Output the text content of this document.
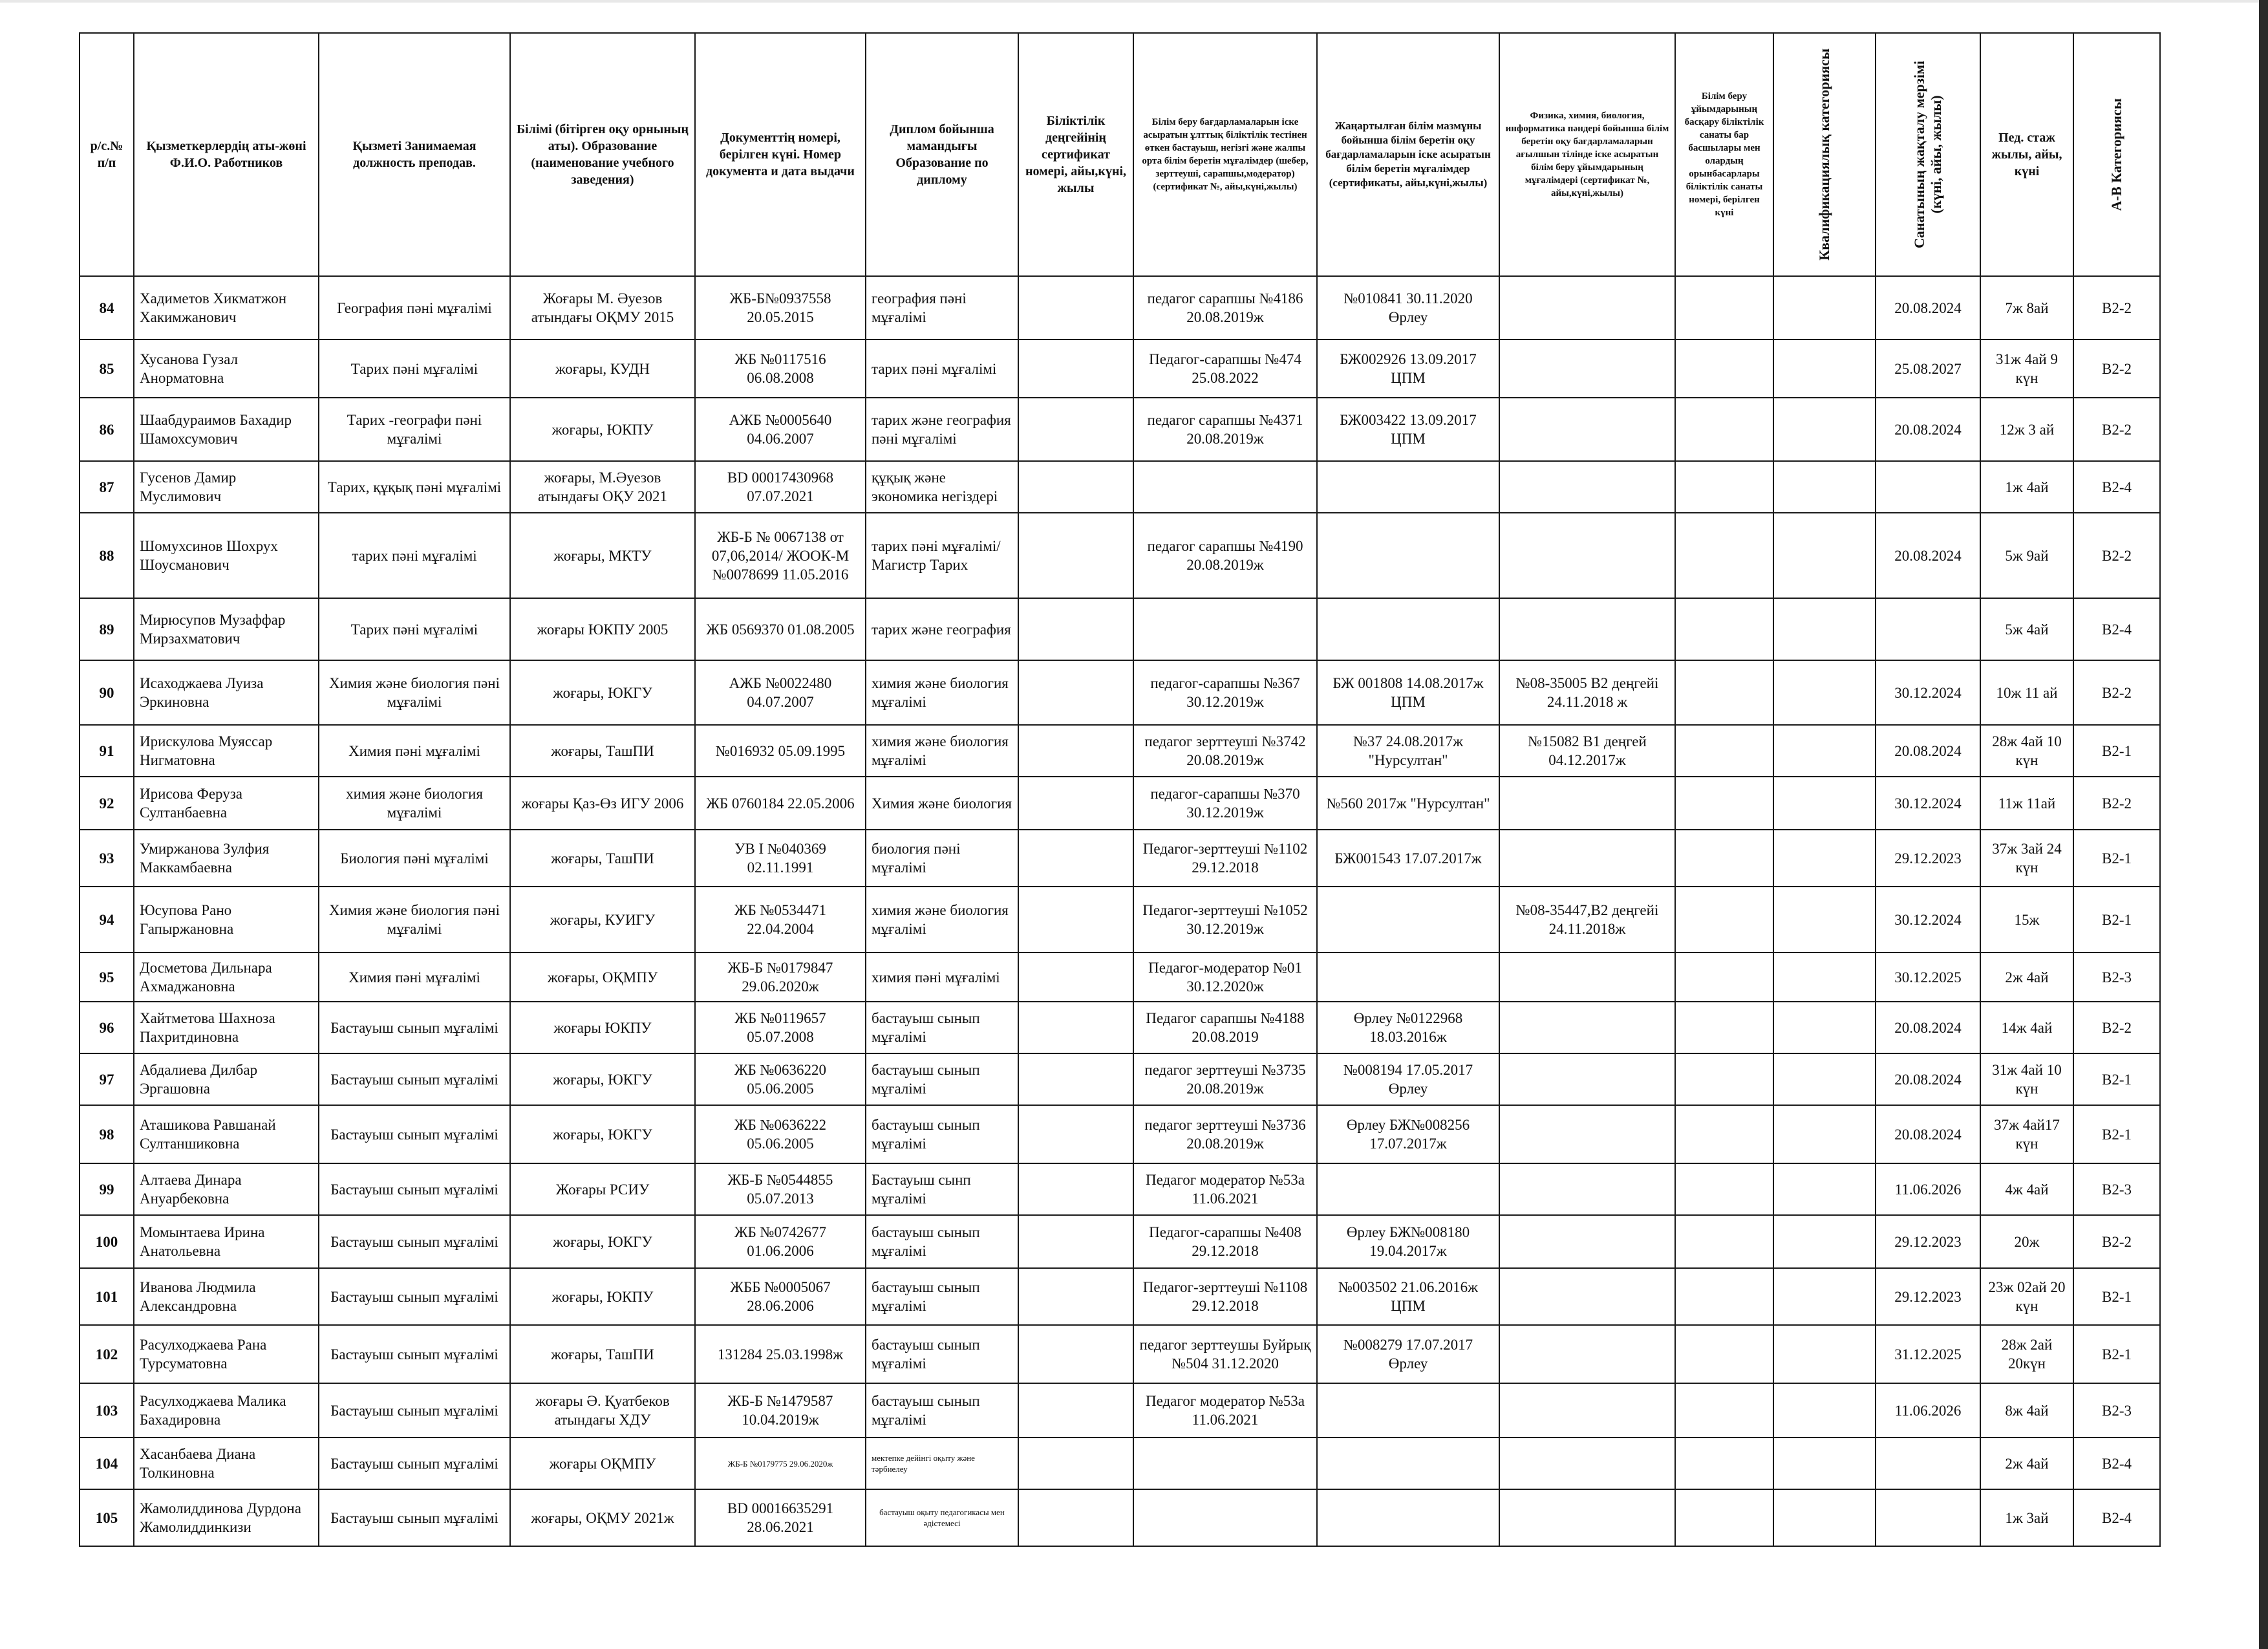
р/с.№ п/п	Қызметкерлердің аты-жөні Ф.И.О. Работников	Қызметі Занимаемая должность преподав.	Білімі (бітірген оқу орнының аты). Образование (наименование учебного заведения)	Документтің номері, берілген күні. Номер документа и дата выдачи	Диплом бойынша мамандығы Образование по диплому	Біліктілік деңгейінің сертификат номері, айы,күні, жылы	Білім беру бағдарламаларын іске асыратын ұлттық біліктілік тестінен өткен бастауыш, негізгі және жалпы орта білім беретін мұғалімдер (шебер, зерттеуші, сарапшы,модератор)(сертификат №, айы,күні,жылы)	Жаңартылған білім мазмұны бойынша білім беретін оқу бағдарламаларын іске асыратын білім беретін мұғалімдер (сертификаты, айы,күні,жылы)	Физика, химия, биология, информатика пәндері бойынша білім беретін оқу бағдарламаларын ағылшын тілінде іске асыратын білім беру ұйымдарының мұғалімдері (сертификат №, айы,күні,жылы)	Білім беру ұйымдарының басқару біліктілік санаты бар басшылары мен олардың орынбасарлары біліктілік санаты номері, берілген күні	Квалификациялық категориясы	Санатының жақталу мерзімі (күні, айы, жылы)	Пед. стаж жылы, айы, күні	А-В Категориясы

84	Хадиметов Хикматжон Хакимжанович	География пәні мұғалімі	Жоғары М. Әуезов атындағы ОҚМУ 2015	ЖБ-Б№0937558 20.05.2015	география пәні мұғалімі		педагог сарапшы №4186 20.08.2019ж	№010841 30.11.2020 Өрлеу				20.08.2024	7ж 8ай	В2-2
85	Хусанова Гузал Анорматовна	Тарих пәні мұғалімі	жоғары, КУДН	ЖБ №0117516 06.08.2008	тарих пәні мұғалімі		Педагог-сарапшы №474 25.08.2022	БЖ002926 13.09.2017 ЦПМ				25.08.2027	31ж 4ай 9 күн	В2-2
86	Шаабдураимов Бахадир Шамохсумович	Тарих -географи пәні мұғалімі	жоғары, ЮКПУ	АЖБ №0005640 04.06.2007	тарих және география пәні мұғалімі		педагог сарапшы №4371 20.08.2019ж	БЖ003422 13.09.2017 ЦПМ				20.08.2024	12ж 3 ай	В2-2
87	Гусенов Дамир Муслимович	Тарих, құқық пәні мұғалімі	жоғары, М.Әуезов атындағы ОҚУ 2021	BD 00017430968 07.07.2021	құқық және экономика негіздері								1ж 4ай	В2-4
88	Шомухсинов Шохрух Шоусманович	тарих пәні мұғалімі	жоғары, МКТУ	ЖБ-Б № 0067138 от 07,06,2014/ ЖООК-М №0078699 11.05.2016	тарих пәні мұғалімі/ Магистр Тарих		педагог сарапшы №4190 20.08.2019ж					20.08.2024	5ж 9ай	В2-2
89	Мирюсупов Музаффар Мирзахматович	Тарих пәні мұғалімі	жоғары ЮКПУ 2005	ЖБ 0569370 01.08.2005	тарих және география								5ж 4ай	В2-4
90	Исаходжаева Луиза Эркиновна	Химия және биология пәні мұғалімі	жоғары, ЮКГУ	АЖБ №0022480 04.07.2007	химия және биология мұғалімі		педагог-сарапшы №367 30.12.2019ж	БЖ 001808 14.08.2017ж ЦПМ	№08-35005 В2 деңгейі 24.11.2018 ж			30.12.2024	10ж 11 ай	В2-2
91	Ирискулова Муяссар Нигматовна	Химия пәні мұғалімі	жоғары, ТашПИ	№016932 05.09.1995	химия және биология мұғалімі		педагог зерттеуші №3742 20.08.2019ж	№37 24.08.2017ж "Нурсултан"	№15082 В1 деңгей 04.12.2017ж			20.08.2024	28ж 4ай 10 күн	В2-1
92	Ирисова Феруза Султанбаевна	химия және биология мұғалімі	жоғары Қаз-Өз ИГУ 2006	ЖБ 0760184 22.05.2006	Химия және биология		педагог-сарапшы №370 30.12.2019ж	№560 2017ж "Нурсултан"				30.12.2024	11ж 11ай	В2-2
93	Умиржанова Зулфия Маккамбаевна	Биология пәні мұғалімі	жоғары, ТашПИ	УВ I №040369 02.11.1991	биология пәні мұғалімі		Педагог-зерттеуші №1102 29.12.2018	БЖ001543 17.07.2017ж				29.12.2023	37ж 3ай 24 күн	В2-1
94	Юсупова Рано Гапыржановна	Химия және биология пәні мұғалімі	жоғары, КУИГУ	ЖБ №0534471 22.04.2004	химия және биология мұғалімі		Педагог-зерттеуші №1052 30.12.2019ж		№08-35447,В2 деңгейі 24.11.2018ж			30.12.2024	15ж	В2-1
95	Досметова Дильнара Ахмаджановна	Химия пәні мұғалімі	жоғары, ОҚМПУ	ЖБ-Б №0179847 29.06.2020ж	химия пәні мұғалімі		Педагог-модератор №01 30.12.2020ж					30.12.2025	2ж 4ай	В2-3
96	Хайтметова Шахноза Пахритдиновна	Бастауыш сынып мұғалімі	жоғары ЮКПУ	ЖБ №0119657 05.07.2008	бастауыш сынып мұғалімі		Педагог сарапшы №4188 20.08.2019	Өрлеу №0122968 18.03.2016ж				20.08.2024	14ж 4ай	В2-2
97	Абдалиева Дилбар Эргашовна	Бастауыш сынып мұғалімі	жоғары, ЮКГУ	ЖБ №0636220 05.06.2005	бастауыш сынып мұғалімі		педагог зерттеуші №3735 20.08.2019ж	№008194 17.05.2017 Өрлеу				20.08.2024	31ж 4ай 10 күн	В2-1
98	Аташикова Равшанай Султаншиковна	Бастауыш сынып мұғалімі	жоғары, ЮКГУ	ЖБ №0636222 05.06.2005	бастауыш сынып мұғалімі		педагог зерттеуші №3736 20.08.2019ж	Өрлеу БЖ№008256 17.07.2017ж				20.08.2024	37ж 4ай17 күн	В2-1
99	Алтаева Динара Ануарбековна	Бастауыш сынып мұғалімі	Жоғары РСИУ	ЖБ-Б №0544855 05.07.2013	Бастауыш сынп мұғалімі		Педагог модератор №53а 11.06.2021					11.06.2026	4ж 4ай	В2-3
100	Момынтаева Ирина Анатольевна	Бастауыш сынып мұғалімі	жоғары, ЮКГУ	ЖБ №0742677 01.06.2006	бастауыш сынып мұғалімі		Педагог-сарапшы №408 29.12.2018	Өрлеу БЖ№008180 19.04.2017ж				29.12.2023	20ж	В2-2
101	Иванова Людмила Александровна	Бастауыш сынып мұғалімі	жоғары, ЮКПУ	ЖББ №0005067 28.06.2006	бастауыш сынып мұғалімі		Педагог-зерттеуші №1108 29.12.2018	№003502 21.06.2016ж ЦПМ				29.12.2023	23ж 02ай 20 күн	В2-1
102	Расулходжаева Рана Турсуматовна	Бастауыш сынып мұғалімі	жоғары, ТашПИ	131284 25.03.1998ж	бастауыш сынып мұғалімі		педагог зерттеушы Буйрық №504 31.12.2020	№008279 17.07.2017 Өрлеу				31.12.2025	28ж 2ай 20күн	В2-1
103	Расулходжаева Малика Бахадировна	Бастауыш сынып мұғалімі	жоғары Ә. Қуатбеков атындағы ХДУ	ЖБ-Б №1479587 10.04.2019ж	бастауыш сынып мұғалімі		Педагог модератор №53а 11.06.2021					11.06.2026	8ж 4ай	В2-3
104	Хасанбаева Диана Толкиновна	Бастауыш сынып мұғалімі	жоғары ОҚМПУ	ЖБ-Б №0179775 29.06.2020ж	мектепке дейінгі оқыту және тәрбиелеу								2ж 4ай	В2-4
105	Жамолиддинова Дурдона Жамолиддинкизи	Бастауыш сынып мұғалімі	жоғары, ОҚМУ 2021ж	BD 00016635291 28.06.2021	бастауыш оқыту педагогикасы мен әдістемесі								1ж 3ай	В2-4
